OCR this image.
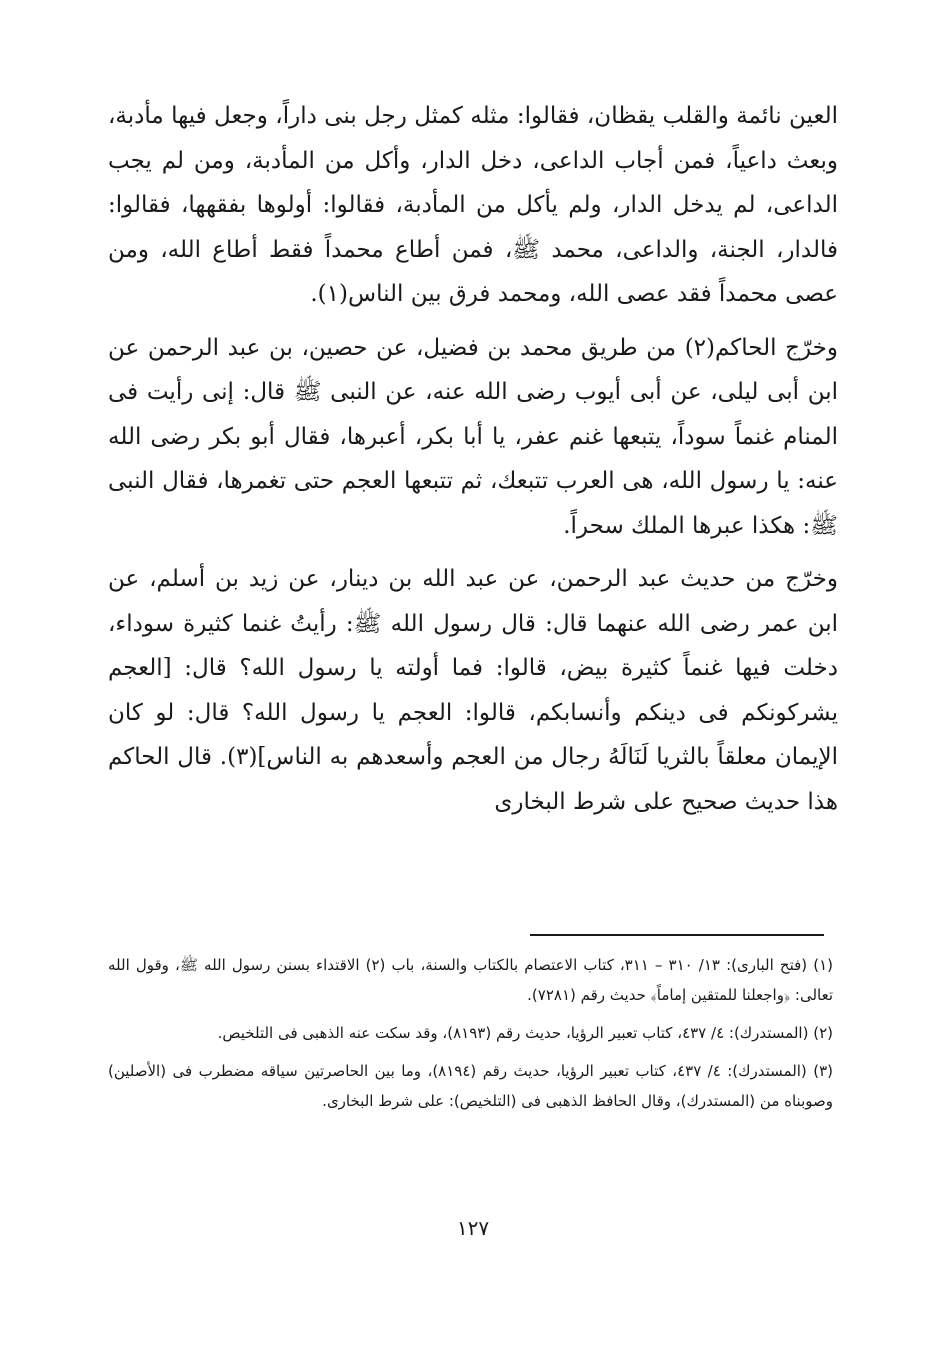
العين نائمة والقلب يقظان، فقالوا: مثله كمثل رجل بنى داراً، وجعل فيها مأدبة، وبعث داعياً، فمن أجاب الداعى، دخل الدار، وأكل من المأدبة، ومن لم يجب الداعى، لم يدخل الدار، ولم يأكل من المأدبة، فقالوا: أولوها بفقهها، فقالوا: فالدار، الجنة، والداعى، محمد ﷺ، فمن أطاع محمداً فقط أطاع الله، ومن عصى محمداً فقد عصى الله، ومحمد فرق بين الناس(١).

وخرّج الحاكم(٢) من طريق محمد بن فضيل، عن حصين، بن عبد الرحمن عن ابن أبى ليلى، عن أبى أيوب رضى الله عنه، عن النبى ﷺ قال: إنى رأيت فى المنام غنماً سوداً، يتبعها غنم عفر، يا أبا بكر، أعبرها، فقال أبو بكر رضى الله عنه: يا رسول الله، هى العرب تتبعك، ثم تتبعها العجم حتى تغمرها، فقال النبى ﷺ: هكذا عبرها الملك سحراً.

وخرّج من حديث عبد الرحمن، عن عبد الله بن دينار، عن زيد بن أسلم، عن ابن عمر رضى الله عنهما قال: قال رسول الله ﷺ: رأيتُ غنما كثيرة سوداء، دخلت فيها غنماً كثيرة بيض، قالوا: فما أولته يا رسول الله؟ قال: [العجم يشركونكم فى دينكم وأنسابكم، قالوا: العجم يا رسول الله؟ قال: لو كان الإيمان معلقاً بالثريا لَنَالَهُ رجال من العجم وأسعدهم به الناس](٣). قال الحاكم هذا حديث صحيح على شرط البخارى

(١) (فتح البارى): ١٣/ ٣١٠ – ٣١١، كتاب الاعتصام بالكتاب والسنة، باب (٢) الاقتداء بسنن رسول الله ﷺ، وقول الله تعالى: ﴿واجعلنا للمتقين إماماً﴾ حديث رقم (٧٢٨١).

(٢) (المستدرك): ٤/ ٤٣٧، كتاب تعبير الرؤيا، حديث رقم (٨١٩٣)، وقد سكت عنه الذهبى فى التلخيص.

(٣) (المستدرك): ٤/ ٤٣٧، كتاب تعبير الرؤيا، حديث رقم (٨١٩٤)، وما بين الحاصرتين سياقه مضطرب فى (الأصلين) وصوبناه من (المستدرك)، وقال الحافظ الذهبى فى (التلخيص): على شرط البخارى.

١٢٧
